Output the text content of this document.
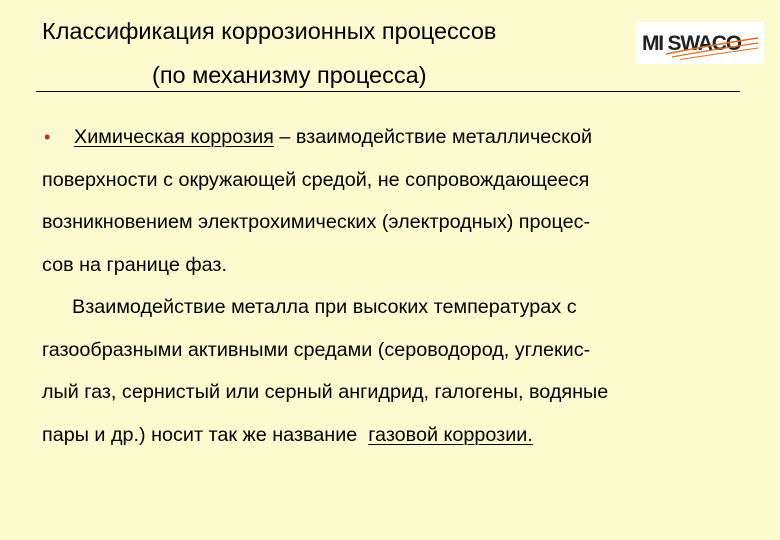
Классификация коррозионных процессов
(по механизму процесса)
MI SWACO
• Химическая коррозия – взаимодействие металлической
поверхности с окружающей средой, не сопровождающееся
возникновением электрохимических (электродных) процес-
сов на границе фаз.
Взаимодействие металла при высоких температурах с
газообразными активными средами (сероводород, углекис-
лый газ, сернистый или серный ангидрид, галогены, водяные
пары и др.) носит так же название  газовой коррозии.
